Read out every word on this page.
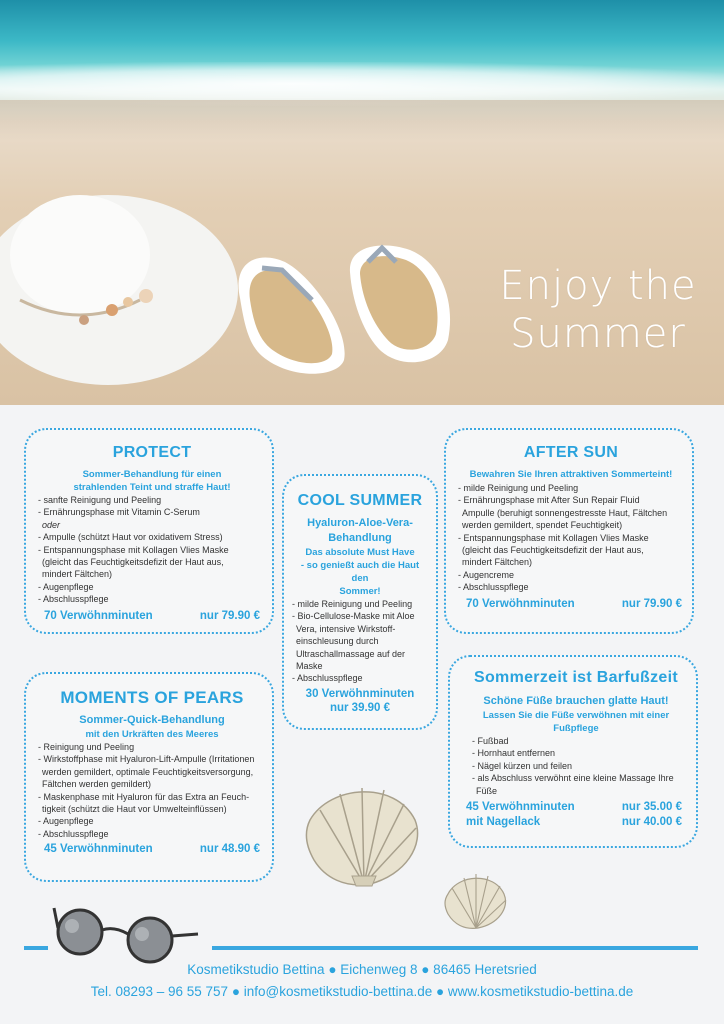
Enjoy the
Summer
PROTECT
Sommer-Behandlung für einen
strahlenden Teint und straffe Haut!
- sanfte Reinigung und Peeling
- Ernährungsphase mit Vitamin C-Serum
oder
- Ampulle (schützt Haut vor oxidativem Stress)
- Entspannungsphase mit Kollagen Vlies Maske
(gleicht das Feuchtigkeitsdefizit der Haut aus,
mindert Fältchen)
- Augenpflege
- Abschlusspflege
70 Verwöhnminuten	nur 79.90 €
COOL SUMMER
Hyaluron-Aloe-Vera-
Behandlung
Das absolute Must Have
- so genießt auch die Haut den
Sommer!
- milde Reinigung und Peeling
- Bio-Cellulose-Maske mit Aloe
Vera, intensive Wirkstoff-
einschleusung durch
Ultraschallmassage auf der
Maske
- Abschlusspflege
30 Verwöhnminuten
nur 39.90 €
AFTER SUN
Bewahren Sie Ihren attraktiven Sommerteint!
- milde Reinigung und Peeling
- Ernährungsphase mit After Sun Repair Fluid
Ampulle (beruhigt sonnengestresste Haut, Fältchen
werden gemildert, spendet Feuchtigkeit)
- Entspannungsphase mit Kollagen Vlies Maske
(gleicht das Feuchtigkeitsdefizit der Haut aus,
mindert Fältchen)
- Augencreme
- Abschlusspflege
70 Verwöhnminuten	nur 79.90 €
MOMENTS OF PEARS
Sommer-Quick-Behandlung
mit den Urkräften des Meeres
- Reinigung und Peeling
- Wirkstoffphase mit Hyaluron-Lift-Ampulle (Irritationen
werden gemildert, optimale Feuchtigkeitsversorgung,
Fältchen werden gemildert)
- Maskenphase mit Hyaluron für das Extra an Feuch-
tigkeit (schützt die Haut vor Umwelteinflüssen)
- Augenpflege
- Abschlusspflege
45 Verwöhnminuten	nur 48.90 €
Sommerzeit ist Barfußzeit
Schöne Füße brauchen glatte Haut!
Lassen Sie die Füße verwöhnen mit einer Fußpflege
- Fußbad
- Hornhaut entfernen
- Nägel kürzen und feilen
- als Abschluss verwöhnt eine kleine Massage Ihre
Füße
45 Verwöhnminuten	nur 35.00 €
mit Nagellack	nur 40.00 €
Kosmetikstudio Bettina ● Eichenweg 8 ● 86465 Heretsried
Tel. 08293 – 96 55 757 ● info@kosmetikstudio-bettina.de ● www.kosmetikstudio-bettina.de
